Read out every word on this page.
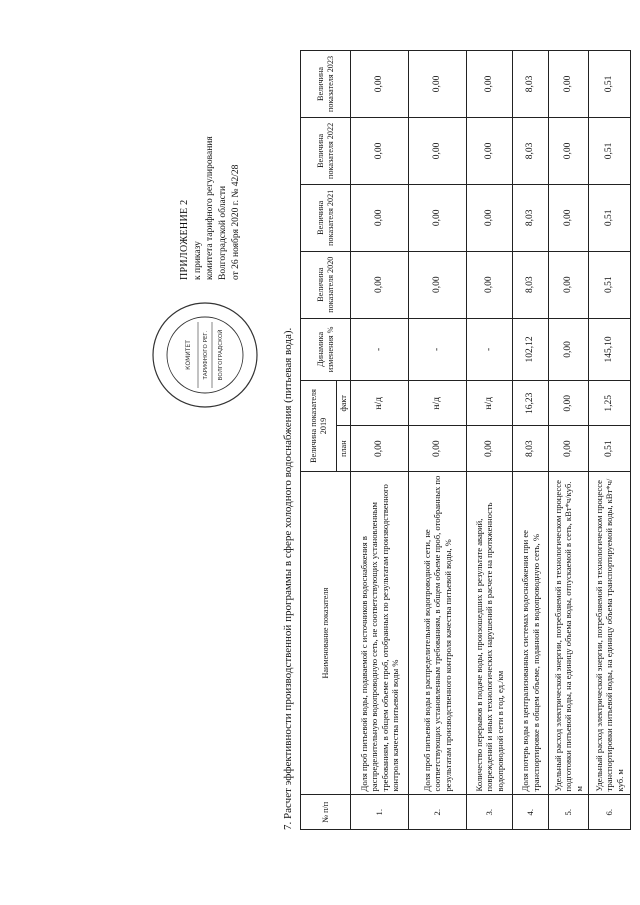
КОМИТЕТ ТАРИФНОГО РЕГ. ВОЛГОГРАДСКОЙ
ПРИЛОЖЕНИЕ 2 к приказу комитета тарифного регулирования Волгоградской области от 26 ноября 2020 г. № 42/28
7. Расчет эффективности производственной программы в сфере холодного водоснабжения (питьевая вода).	№ п/п	Наименование показателя	Величина показателя 2019		Динамика изменения %	Величина показателя 2020	Величина показателя 2021	Величина показателя 2022	Величина показателя 2023
		план	факт					
1.	Доля проб питьевой воды, подаваемой с источников водоснабжения в распределительную водопроводную сеть, не соответствующих установленным требованиям, в общем объеме проб, отобранных по результатам производственного контроля качества питьевой воды %	0,00	н/д	-	0,00	0,00	0,00	0,00
2.	Доля проб питьевой воды в распределительной водопроводной сети, не соответствующих установленным требованиям, в общем объеме проб, отобранных по результатам производственного контроля качества питьевой воды, %	0,00	н/д	-	0,00	0,00	0,00	0,00
3.	Количество перерывов в подаче воды, произошедших в результате аварий, повреждений и иных технологических нарушений в расчете на протяженность водопроводной сети в год, ед./км	0,00	н/д	-	0,00	0,00	0,00	0,00
4.	Доля потерь воды в централизованных системах водоснабжения при ее транспортировке в общем объеме, поданной в водопроводную сеть, %	8,03	16,23	102,12	8,03	8,03	8,03	8,03
5.	Удельный расход электрической энергии, потребляемой в технологическом процессе подготовки питьевой воды, на единицу объема воды, отпускаемой в сеть, кВт*ч/куб. м	0,00	0,00	0,00	0,00	0,00	0,00	0,00
6.	Удельный расход электрической энергии, потребляемой в технологическом процессе транспортировки питьевой воды, на единицу объема транспортируемой воды, кВт*ч/куб. м	0,51	1,25	145,10	0,51	0,51	0,51	0,51
